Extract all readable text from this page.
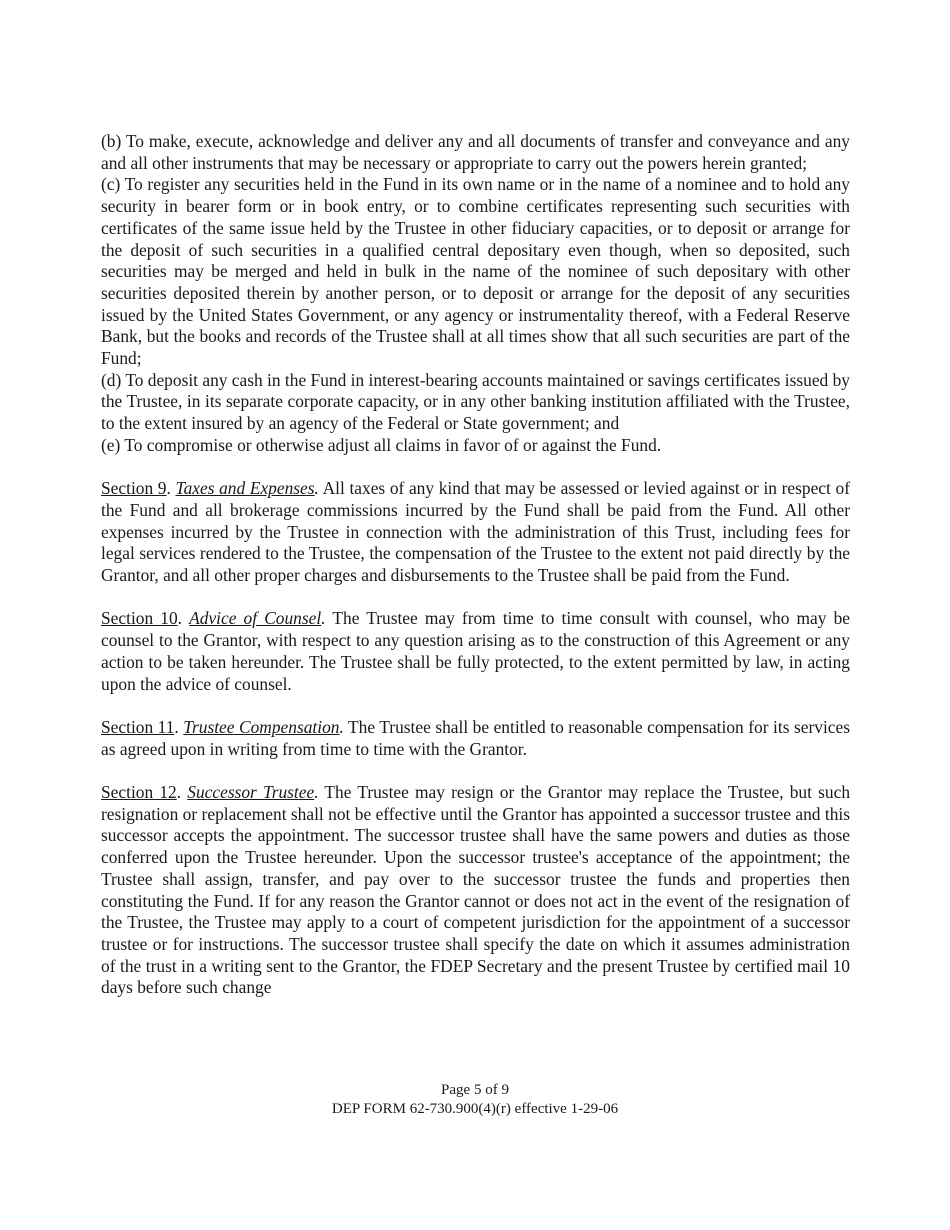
(b) To make, execute, acknowledge and deliver any and all documents of transfer and conveyance and any and all other instruments that may be necessary or appropriate to carry out the powers herein granted;

(c) To register any securities held in the Fund in its own name or in the name of a nominee and to hold any security in bearer form or in book entry, or to combine certificates representing such securities with certificates of the same issue held by the Trustee in other fiduciary capacities, or to deposit or arrange for the deposit of such securities in a qualified central depositary even though, when so deposited, such securities may be merged and held in bulk in the name of the nominee of such depositary with other securities deposited therein by another person, or to deposit or arrange for the deposit of any securities issued by the United States Government, or any agency or instrumentality thereof, with a Federal Reserve Bank, but the books and records of the Trustee shall at all times show that all such securities are part of the Fund;

(d) To deposit any cash in the Fund in interest-bearing accounts maintained or savings certificates issued by the Trustee, in its separate corporate capacity, or in any other banking institution affiliated with the Trustee, to the extent insured by an agency of the Federal or State government; and

(e) To compromise or otherwise adjust all claims in favor of or against the Fund.

Section 9. Taxes and Expenses. All taxes of any kind that may be assessed or levied against or in respect of the Fund and all brokerage commissions incurred by the Fund shall be paid from the Fund. All other expenses incurred by the Trustee in connection with the administration of this Trust, including fees for legal services rendered to the Trustee, the compensation of the Trustee to the extent not paid directly by the Grantor, and all other proper charges and disbursements to the Trustee shall be paid from the Fund.

Section 10. Advice of Counsel. The Trustee may from time to time consult with counsel, who may be counsel to the Grantor, with respect to any question arising as to the construction of this Agreement or any action to be taken hereunder. The Trustee shall be fully protected, to the extent permitted by law, in acting upon the advice of counsel.

Section 11. Trustee Compensation. The Trustee shall be entitled to reasonable compensation for its services as agreed upon in writing from time to time with the Grantor.

Section 12. Successor Trustee. The Trustee may resign or the Grantor may replace the Trustee, but such resignation or replacement shall not be effective until the Grantor has appointed a successor trustee and this successor accepts the appointment. The successor trustee shall have the same powers and duties as those conferred upon the Trustee hereunder. Upon the successor trustee's acceptance of the appointment; the Trustee shall assign, transfer, and pay over to the successor trustee the funds and properties then constituting the Fund. If for any reason the Grantor cannot or does not act in the event of the resignation of the Trustee, the Trustee may apply to a court of competent jurisdiction for the appointment of a successor trustee or for instructions. The successor trustee shall specify the date on which it assumes administration of the trust in a writing sent to the Grantor, the FDEP Secretary and the present Trustee by certified mail 10 days before such change

Page 5 of 9
DEP FORM 62-730.900(4)(r) effective 1-29-06
